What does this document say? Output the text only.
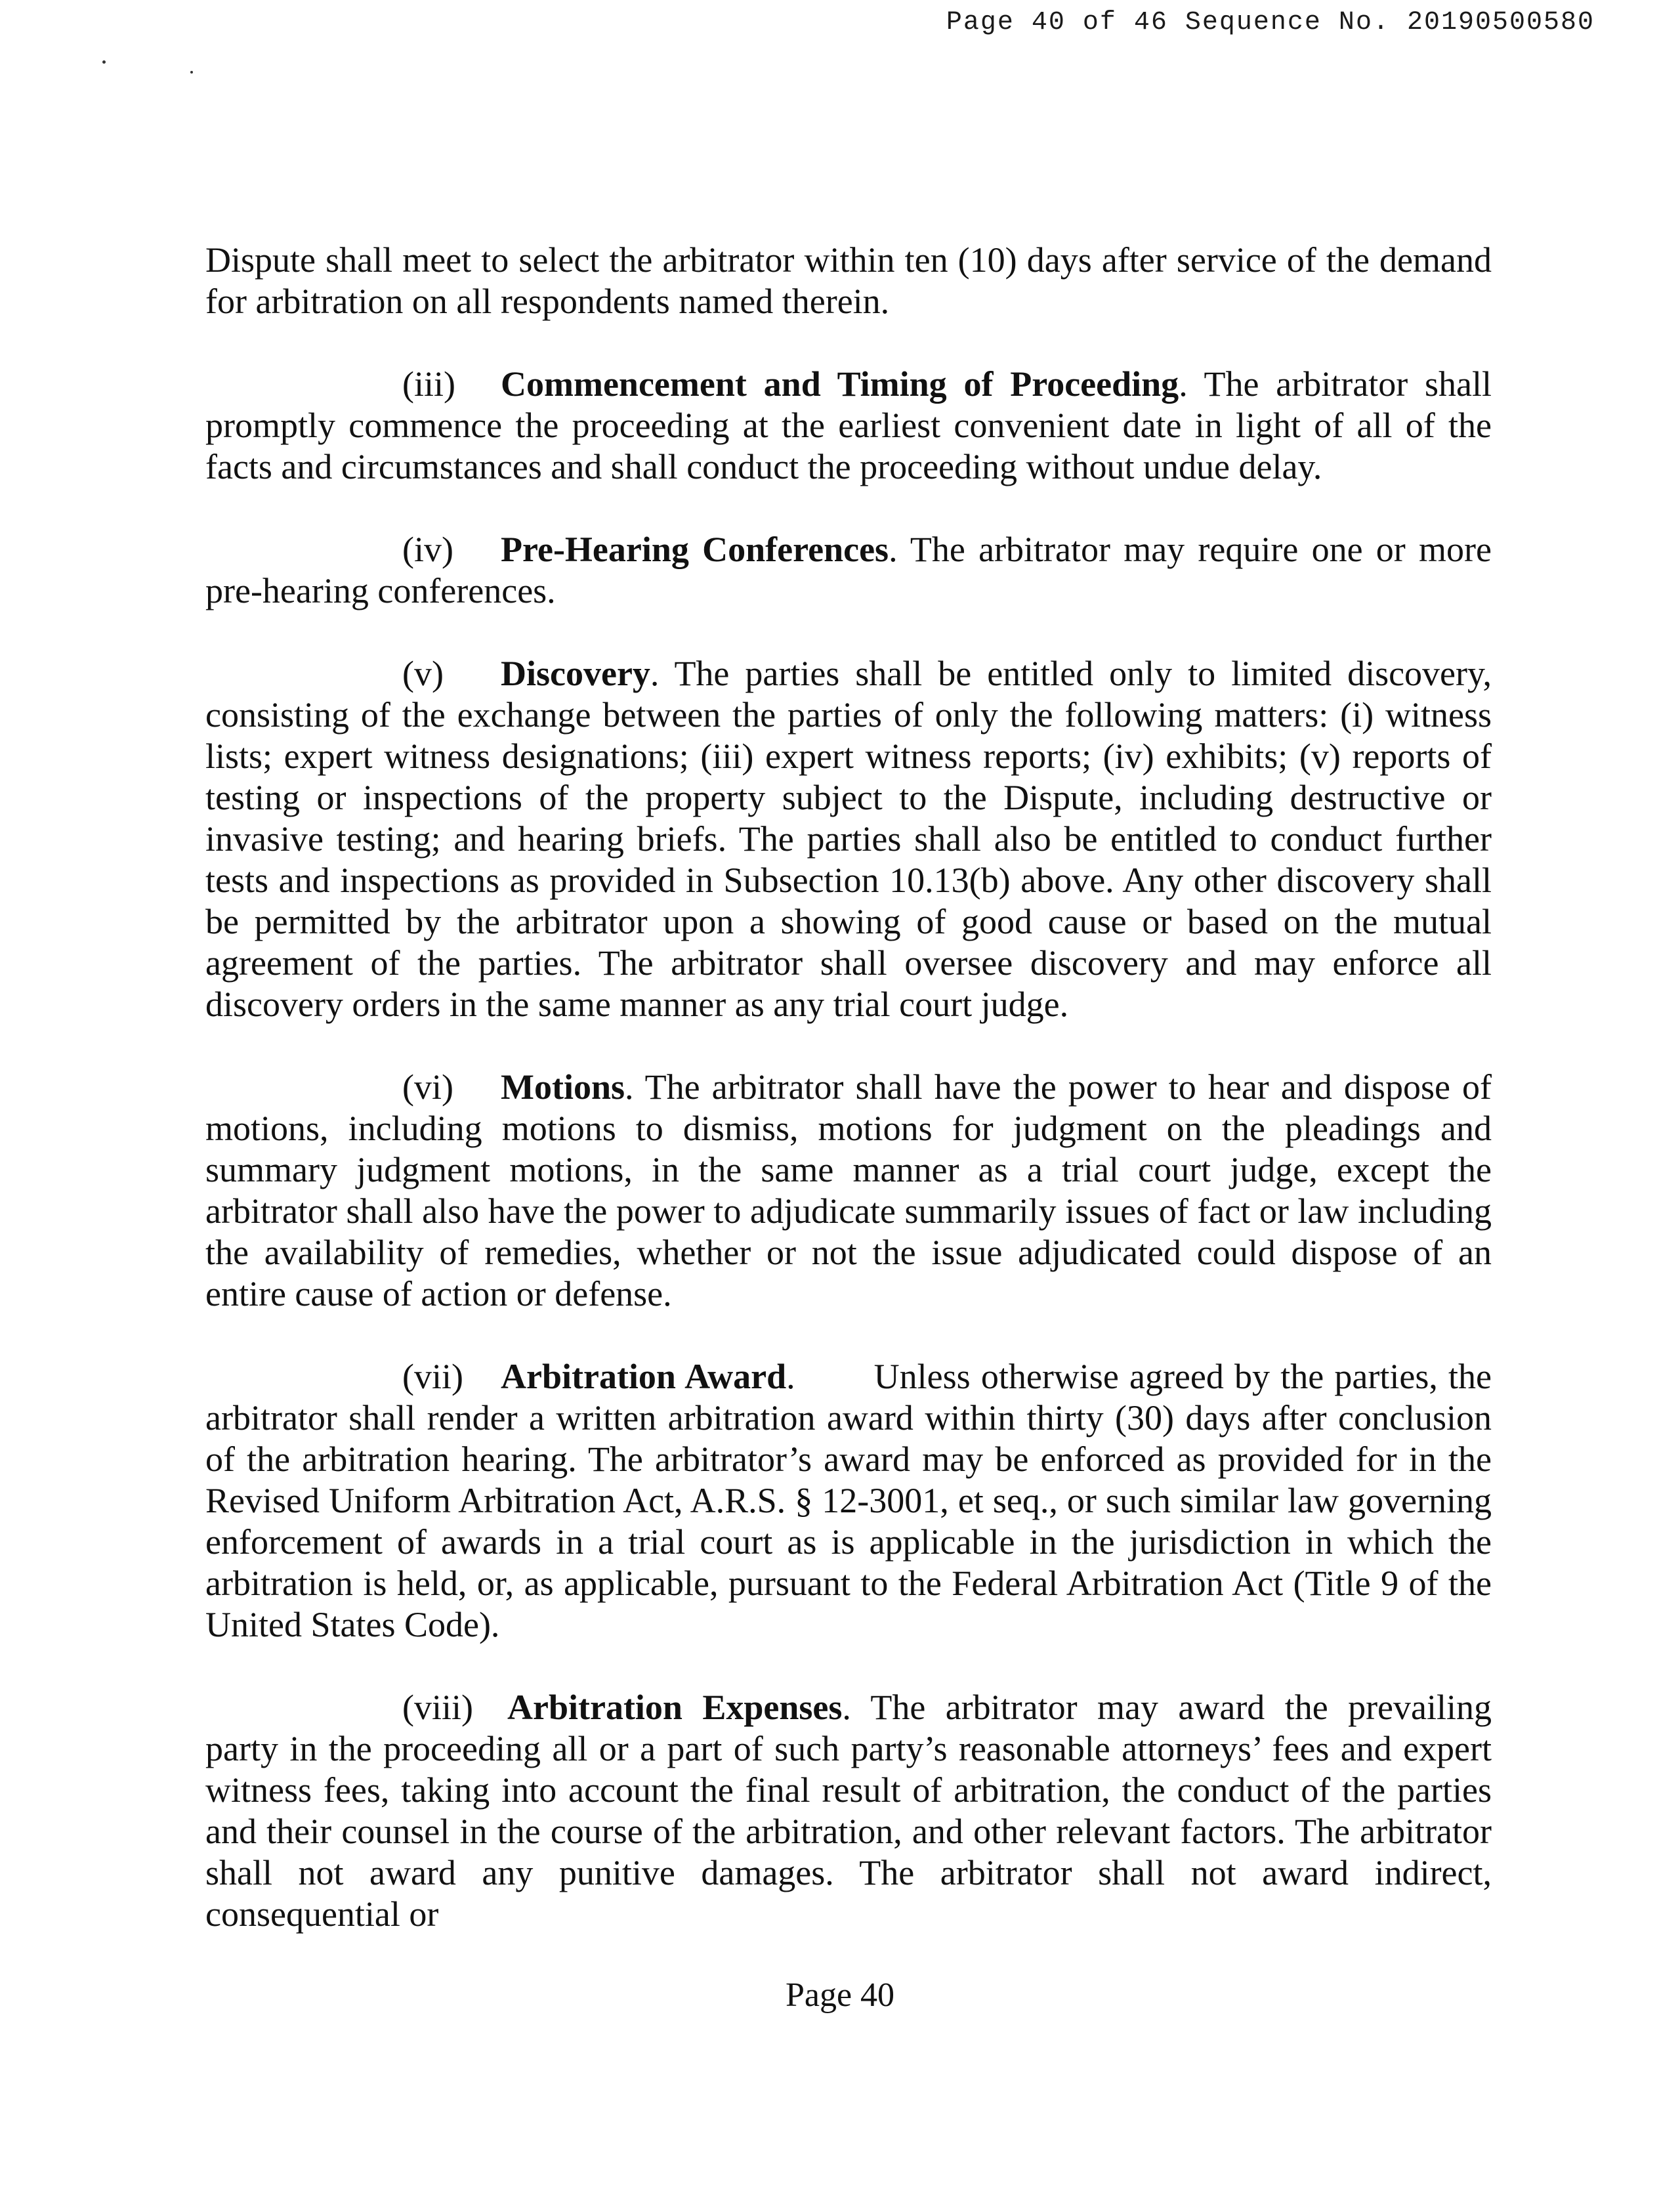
Page 40 of 46 Sequence No. 20190500580

Dispute shall meet to select the arbitrator within ten (10) days after service of the demand for arbitration on all respondents named therein.

(iii) Commencement and Timing of Proceeding. The arbitrator shall promptly commence the proceeding at the earliest convenient date in light of all of the facts and circumstances and shall conduct the proceeding without undue delay.

(iv) Pre-Hearing Conferences. The arbitrator may require one or more pre-hearing conferences.

(v) Discovery. The parties shall be entitled only to limited discovery, consisting of the exchange between the parties of only the following matters: (i) witness lists; expert witness designations; (iii) expert witness reports; (iv) exhibits; (v) reports of testing or inspections of the property subject to the Dispute, including destructive or invasive testing; and hearing briefs. The parties shall also be entitled to conduct further tests and inspections as provided in Subsection 10.13(b) above. Any other discovery shall be permitted by the arbitrator upon a showing of good cause or based on the mutual agreement of the parties. The arbitrator shall oversee discovery and may enforce all discovery orders in the same manner as any trial court judge.

(vi) Motions. The arbitrator shall have the power to hear and dispose of motions, including motions to dismiss, motions for judgment on the pleadings and summary judgment motions, in the same manner as a trial court judge, except the arbitrator shall also have the power to adjudicate summarily issues of fact or law including the availability of remedies, whether or not the issue adjudicated could dispose of an entire cause of action or defense.

(vii) Arbitration Award. Unless otherwise agreed by the parties, the arbitrator shall render a written arbitration award within thirty (30) days after conclusion of the arbitration hearing. The arbitrator’s award may be enforced as provided for in the Revised Uniform Arbitration Act, A.R.S. § 12-3001, et seq., or such similar law governing enforcement of awards in a trial court as is applicable in the jurisdiction in which the arbitration is held, or, as applicable, pursuant to the Federal Arbitration Act (Title 9 of the United States Code).

(viii) Arbitration Expenses. The arbitrator may award the prevailing party in the proceeding all or a part of such party’s reasonable attorneys’ fees and expert witness fees, taking into account the final result of arbitration, the conduct of the parties and their counsel in the course of the arbitration, and other relevant factors. The arbitrator shall not award any punitive damages. The arbitrator shall not award indirect, consequential or

Page 40
